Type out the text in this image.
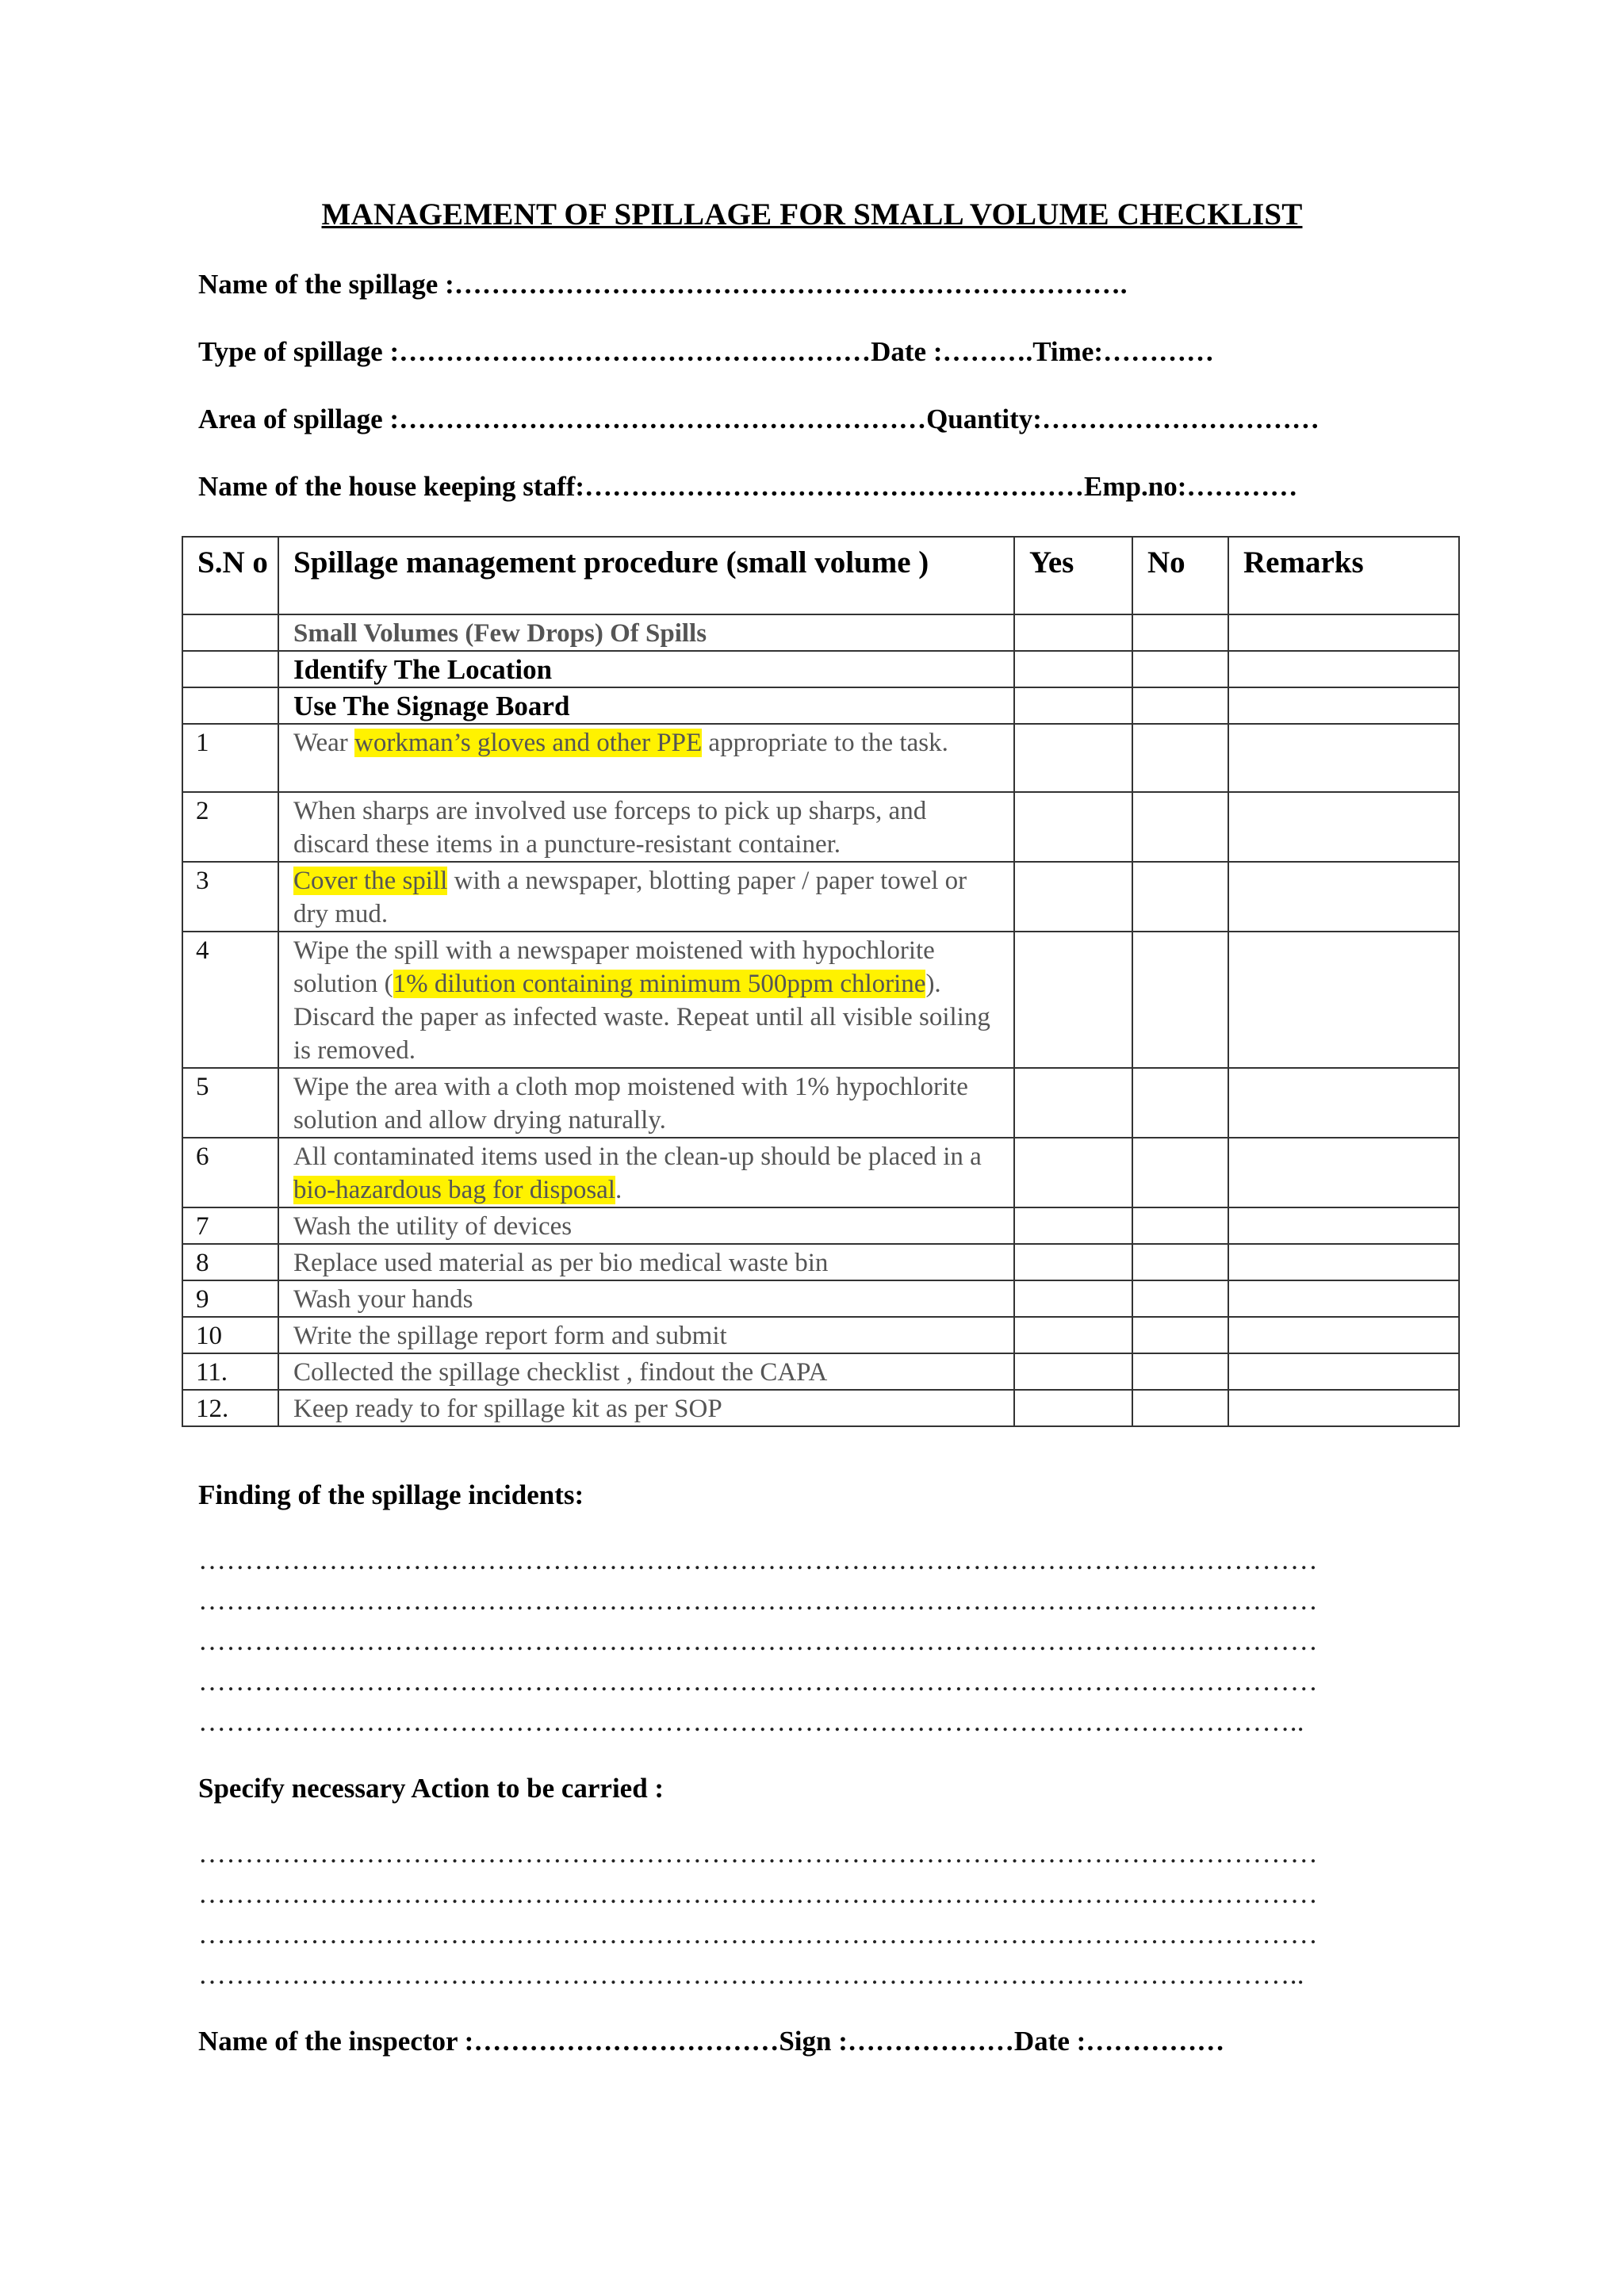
MANAGEMENT OF SPILLAGE FOR SMALL VOLUME CHECKLIST
Name of the spillage :……………………………………………………………….
Type of spillage :……………………………………………Date :……….Time:…………
Area of spillage :…………………………………………………Quantity:…………………………
Name of the house keeping staff:………………………………………………Emp.no:…………
S.N o	Spillage management procedure (small volume )	Yes	No	Remarks
	Small Volumes (Few Drops) Of Spills			
	Identify The Location			
	Use The Signage Board			
1	Wear workman’s gloves and other PPE appropriate to the task.			
2	When sharps are involved use forceps to pick up sharps, and discard these items in a puncture-resistant container.			
3	Cover the spill with a newspaper, blotting paper / paper towel or dry mud.			
4	Wipe the spill with a newspaper moistened with hypochlorite solution (1% dilution containing minimum 500ppm chlorine). Discard the paper as infected waste. Repeat until all visible soiling is removed.			
5	Wipe the area with a cloth mop moistened with 1% hypochlorite solution and allow drying naturally.			
6	All contaminated items used in the clean-up should be placed in a bio-hazardous bag for disposal.			
7	Wash the utility of devices			
8	Replace used material as per bio medical waste bin			
9	Wash your hands			
10	Write the spillage report form and submit			
11.	Collected the spillage checklist , findout the CAPA			
12.	Keep ready to for spillage kit as per SOP			
Finding of the spillage incidents:
…………………………………………………………………………………………………………
…………………………………………………………………………………………………………
…………………………………………………………………………………………………………
…………………………………………………………………………………………………………
………………………………………………………………………………………………………..
Specify necessary Action to be carried :
…………………………………………………………………………………………………………
…………………………………………………………………………………………………………
…………………………………………………………………………………………………………
………………………………………………………………………………………………………..
Name of the inspector :……………………………Sign :………………Date :……………
